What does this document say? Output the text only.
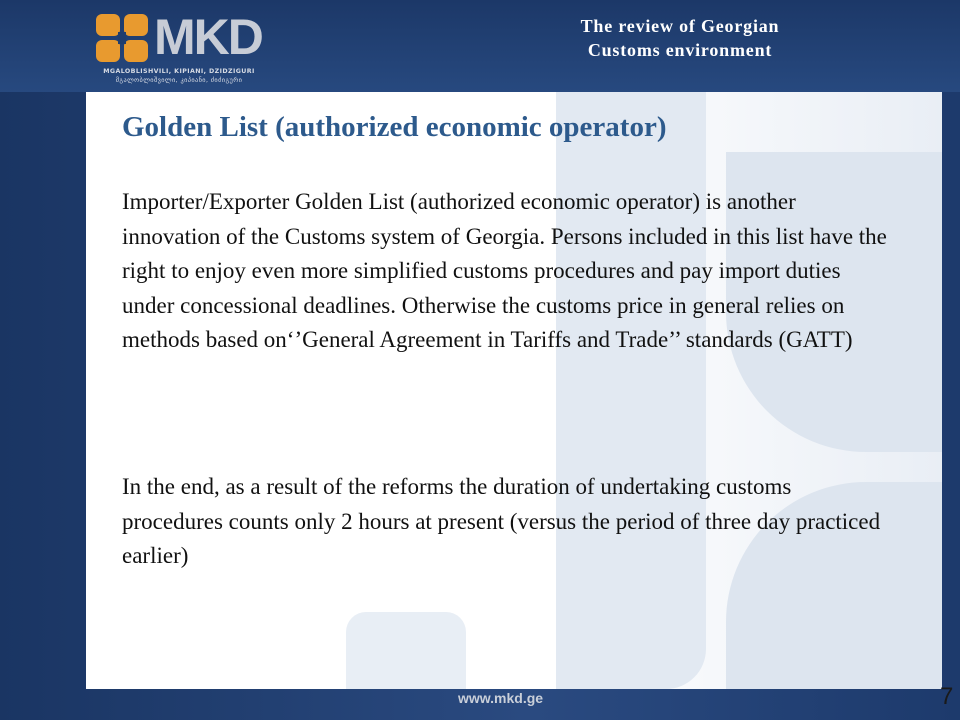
MKD
MGALOBLISHVILI, KIPIANI, DZIDZIGURI
მგალობლიშვილი, კიპიანი, ძიძიგური
The review of Georgian
Customs environment
Golden List (authorized economic operator)

Importer/Exporter Golden List (authorized economic operator) is another innovation of the Customs system of Georgia. Persons included in this list have the right to enjoy even more simplified customs procedures and pay import duties under concessional deadlines. Otherwise the customs price in general relies on methods based on‘’General Agreement in Tariffs and Trade’’ standards (GATT)

In the end, as a result of the reforms the duration of undertaking customs procedures counts only 2 hours at present (versus the period of three day practiced earlier)

www.mkd.ge	7
